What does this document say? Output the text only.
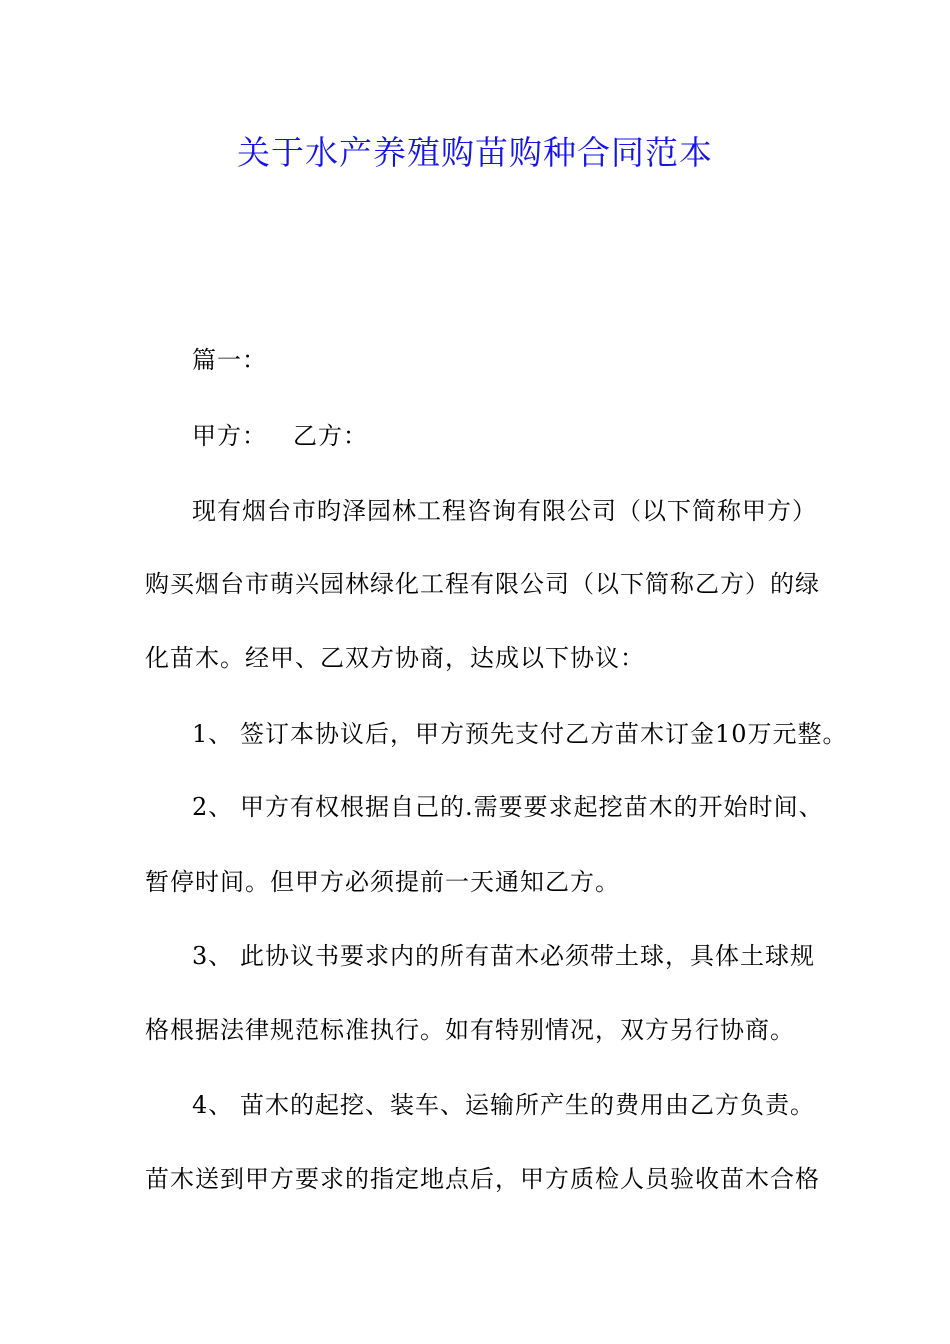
关于水产养殖购苗购种合同范本
篇一：
甲方： 乙方：
现有烟台市昀泽园林工程咨询有限公司（以下简称甲方）
购买烟台市萌兴园林绿化工程有限公司（以下简称乙方）的绿
化苗木。经甲、乙双方协商，达成以下协议：
1、 签订本协议后，甲方预先支付乙方苗木订金10万元整。
2、 甲方有权根据自己的.需要要求起挖苗木的开始时间、
暂停时间。但甲方必须提前一天通知乙方。
3、 此协议书要求内的所有苗木必须带土球，具体土球规
格根据法律规范标准执行。如有特别情况，双方另行协商。
4、 苗木的起挖、装车、运输所产生的费用由乙方负责。
苗木送到甲方要求的指定地点后，甲方质检人员验收苗木合格
